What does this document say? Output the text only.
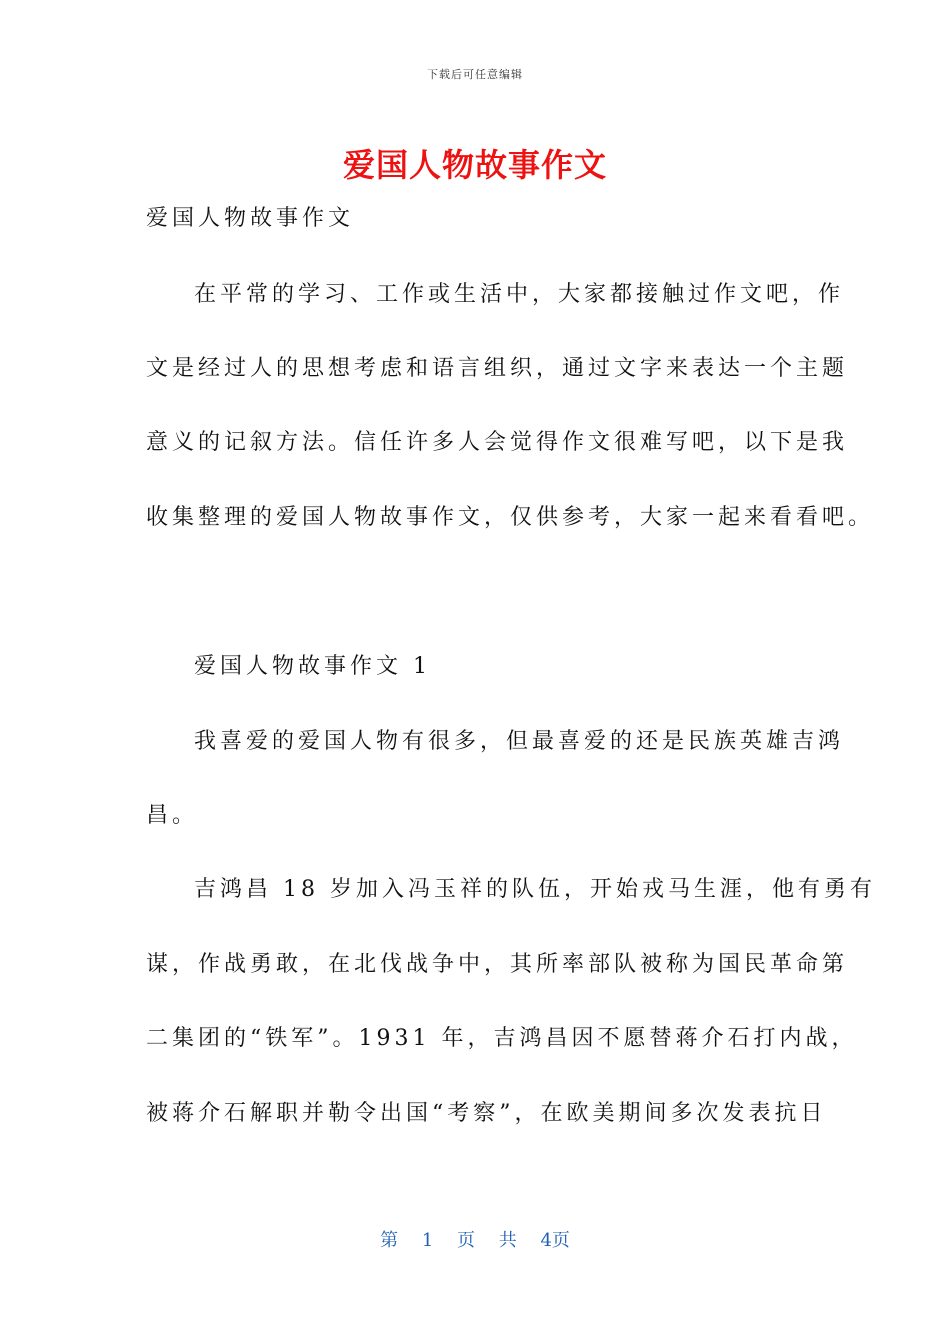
下载后可任意编辑
爱国人物故事作文
爱国人物故事作文
在平常的学习、工作或生活中，大家都接触过作文吧，作
文是经过人的思想考虑和语言组织，通过文字来表达一个主题
意义的记叙方法。信任许多人会觉得作文很难写吧，以下是我
收集整理的爱国人物故事作文，仅供参考，大家一起来看看吧。
爱国人物故事作文 1
我喜爱的爱国人物有很多，但最喜爱的还是民族英雄吉鸿
昌。
吉鸿昌 18 岁加入冯玉祥的队伍，开始戎马生涯，他有勇有
谋，作战勇敢，在北伐战争中，其所率部队被称为国民革命第
二集团的“铁军”。1931 年，吉鸿昌因不愿替蒋介石打内战，
被蒋介石解职并勒令出国“考察”，在欧美期间多次发表抗日
第 1 页 共 4页
